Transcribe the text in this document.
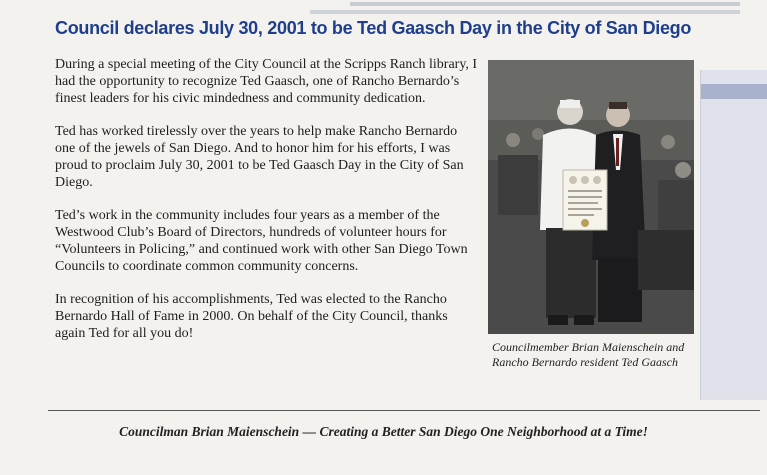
Council declares July 30, 2001 to be Ted Gaasch Day in the City of San Diego

During a special meeting of the City Council at the Scripps Ranch library, I had the opportunity to recognize Ted Gaasch, one of Rancho Bernardo’s finest leaders for his civic mindedness and community dedication.

Ted has worked tirelessly over the years to help make Rancho Bernardo one of the jewels of San Diego. And to honor him for his efforts, I was proud to proclaim July 30, 2001 to be Ted Gaasch Day in the City of San Diego.

Ted’s work in the community includes four years as a member of the Westwood Club’s Board of Directors, hundreds of volunteer hours for “Volunteers in Policing,” and continued work with other San Diego Town Councils to coordinate common community concerns.

In recognition of his accomplishments, Ted was elected to the Rancho Bernardo Hall of Fame in 2000. On behalf of the City Council, thanks again Ted for all you do!

Councilmember Brian Maienschein and Rancho Bernardo resident Ted Gaasch
Councilman Brian Maienschein — Creating a Better San Diego One Neighborhood at a Time!
